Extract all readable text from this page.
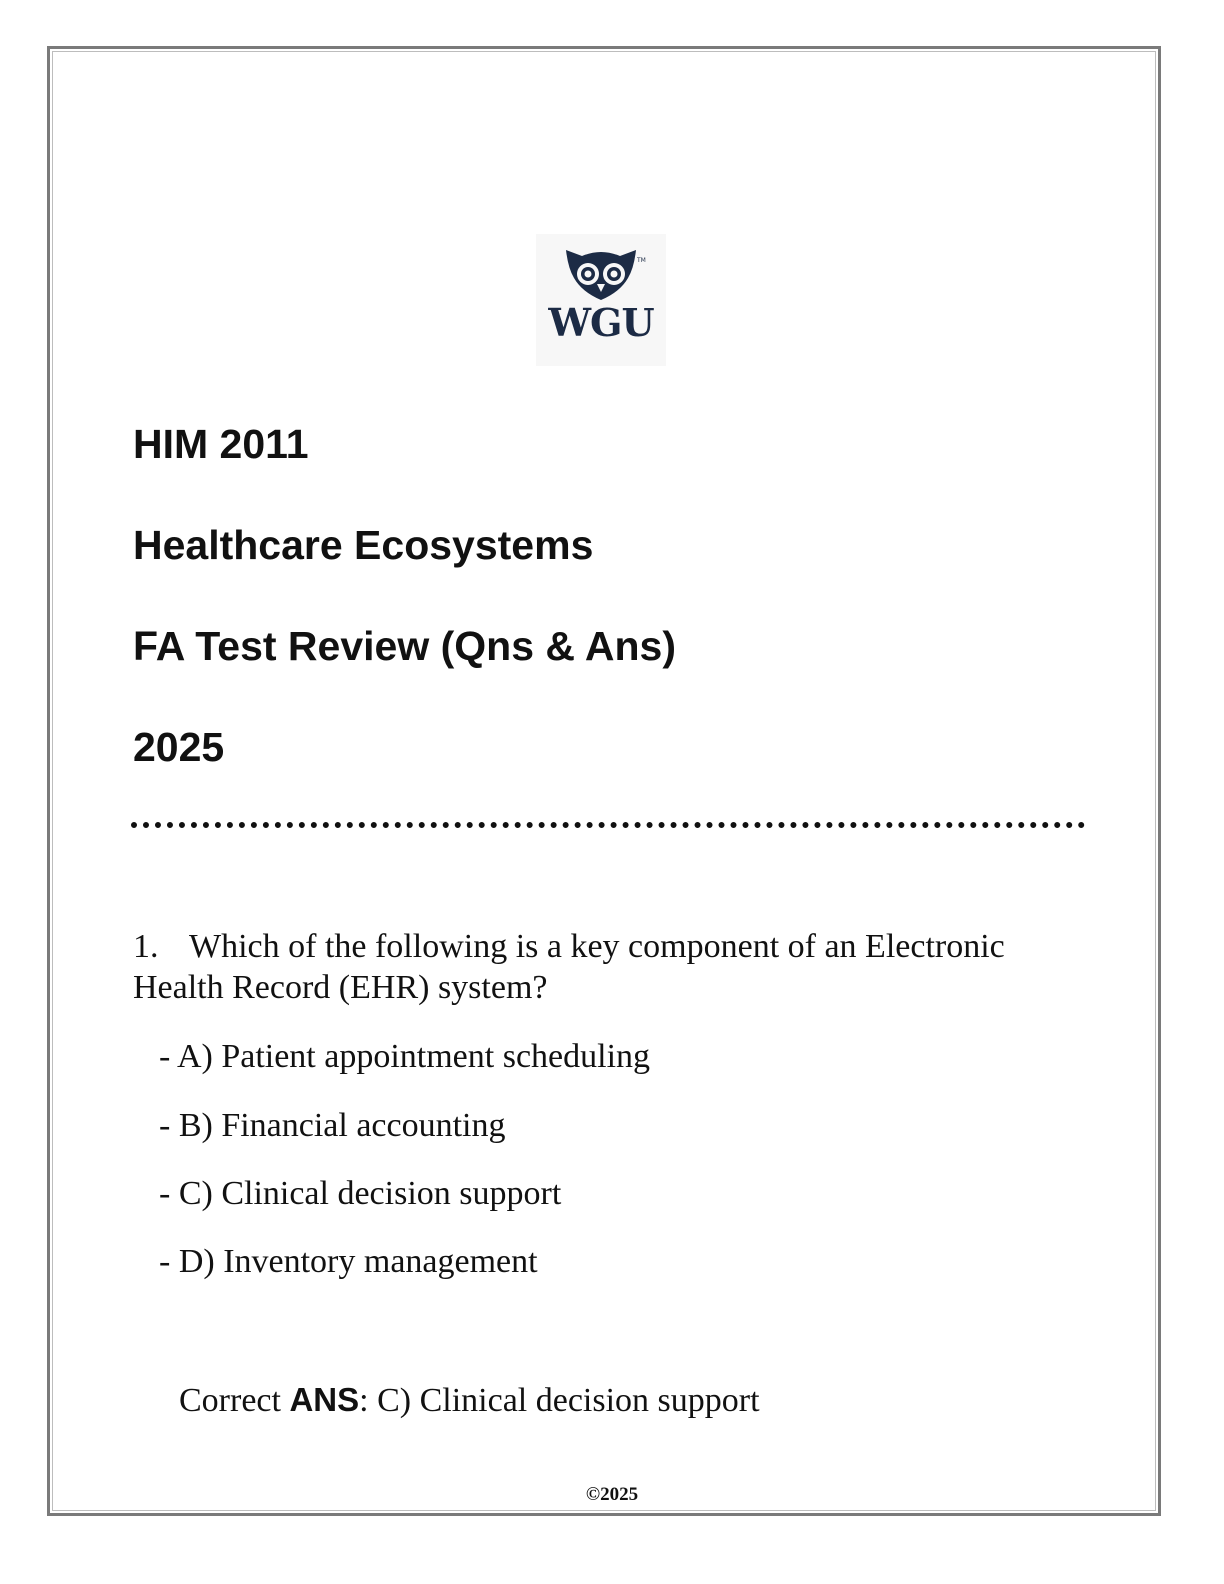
TM
WGU
HIM 2011
Healthcare Ecosystems
FA Test Review (Qns & Ans)
2025
1. Which of the following is a key component of an Electronic Health Record (EHR) system?
- A) Patient appointment scheduling
- B) Financial accounting
- C) Clinical decision support
- D) Inventory management
Correct ANS: C) Clinical decision support
©2025
